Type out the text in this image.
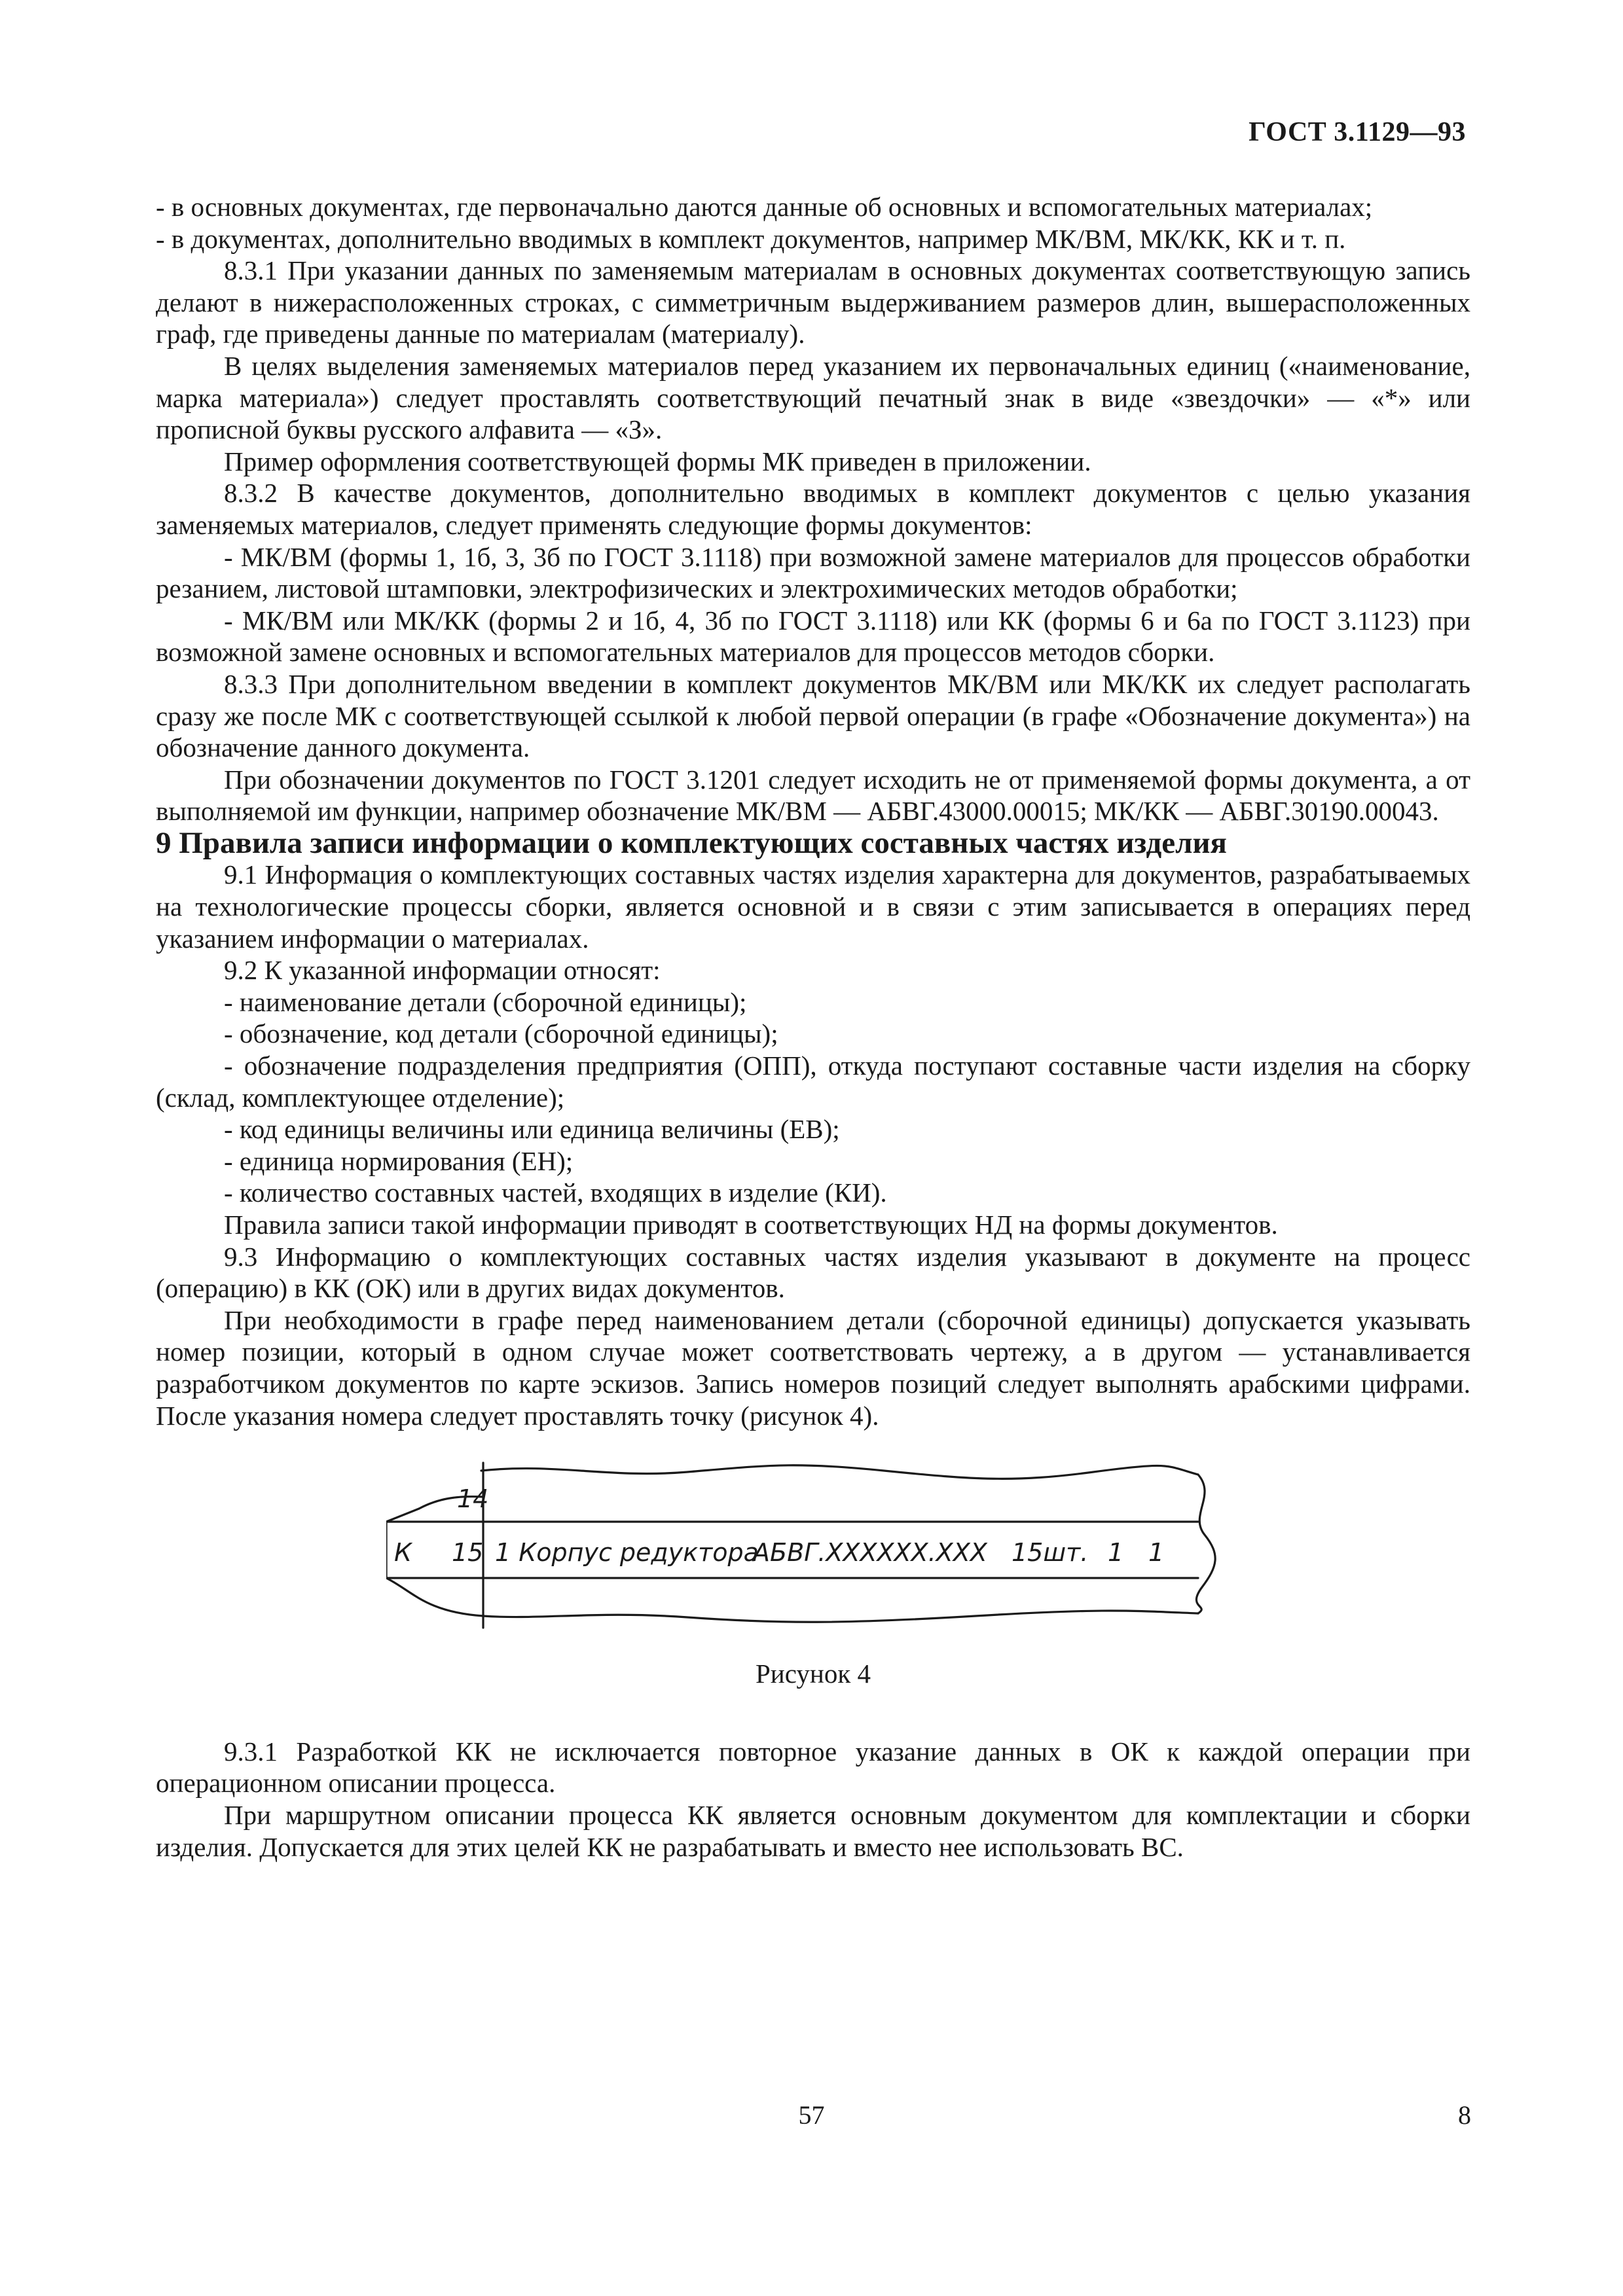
ГОСТ 3.1129—93

- в основных документах, где первоначально даются данные об основных и вспомогательных материалах;

- в документах, дополнительно вводимых в комплект документов, например МК/ВМ, МК/КК, КК и т. п.

8.3.1 При указании данных по заменяемым материалам в основных документах соответствующую запись делают в нижерасположенных строках, с симметричным выдерживанием размеров длин, вышерасположенных граф, где приведены данные по материалам (материалу).

В целях выделения заменяемых материалов перед указанием их первоначальных единиц («наименование, марка материала») следует проставлять соответствующий печатный знак в виде «звездочки» — «*» или прописной буквы русского алфавита — «З».

Пример оформления соответствующей формы МК приведен в приложении.

8.3.2 В качестве документов, дополнительно вводимых в комплект документов с целью указания заменяемых материалов, следует применять следующие формы документов:

- МК/ВМ (формы 1, 1б, 3, 3б по ГОСТ 3.1118) при возможной замене материалов для процессов обработки резанием, листовой штамповки, электрофизических и электрохимических методов обработки;

- МК/ВМ или МК/КК (формы 2 и 1б, 4, 3б по ГОСТ 3.1118) или КК (формы 6 и 6а по ГОСТ 3.1123) при возможной замене основных и вспомогательных материалов для процессов методов сборки.

8.3.3 При дополнительном введении в комплект документов МК/ВМ или МК/КК их следует располагать сразу же после МК с соответствующей ссылкой к любой первой операции (в графе «Обозначение документа») на обозначение данного документа.

При обозначении документов по ГОСТ 3.1201 следует исходить не от применяемой формы документа, а от выполняемой им функции, например обозначение МК/ВМ — АБВГ.43000.00015; МК/КК — АБВГ.30190.00043.

9 Правила записи информации о комплектующих составных частях изделия

9.1 Информация о комплектующих составных частях изделия характерна для документов, разрабатываемых на технологические процессы сборки, является основной и в связи с этим записывается в операциях перед указанием информации о материалах.

9.2 К указанной информации относят:

- наименование детали (сборочной единицы);

- обозначение, код детали (сборочной единицы);

- обозначение подразделения предприятия (ОПП), откуда поступают составные части изделия на сборку (склад, комплектующее отделение);

- код единицы величины или единица величины (ЕВ);

- единица нормирования (ЕН);

- количество составных частей, входящих в изделие (КИ).

Правила записи такой информации приводят в соответствующих НД на формы документов.

9.3 Информацию о комплектующих составных частях изделия указывают в документе на процесс (операцию) в КК (ОК) или в других видах документов.

При необходимости в графе перед наименованием детали (сборочной единицы) допускается указывать номер позиции, который в одном случае может соответствовать чертежу, а в другом — устанавливается разработчиком документов по карте эскизов. Запись номеров позиций следует выполнять арабскими цифрами. После указания номера следует проставлять точку (рисунок 4).

14
К 15 1 Корпус редуктора
АБВГ.XXXXXX.XXX 15шт. 1 1

Рисунок 4

9.3.1 Разработкой КК не исключается повторное указание данных в ОК к каждой операции при операционном описании процесса.

При маршрутном описании процесса КК является основным документом для комплектации и сборки изделия. Допускается для этих целей КК не разрабатывать и вместо нее использовать ВС.

57	8
